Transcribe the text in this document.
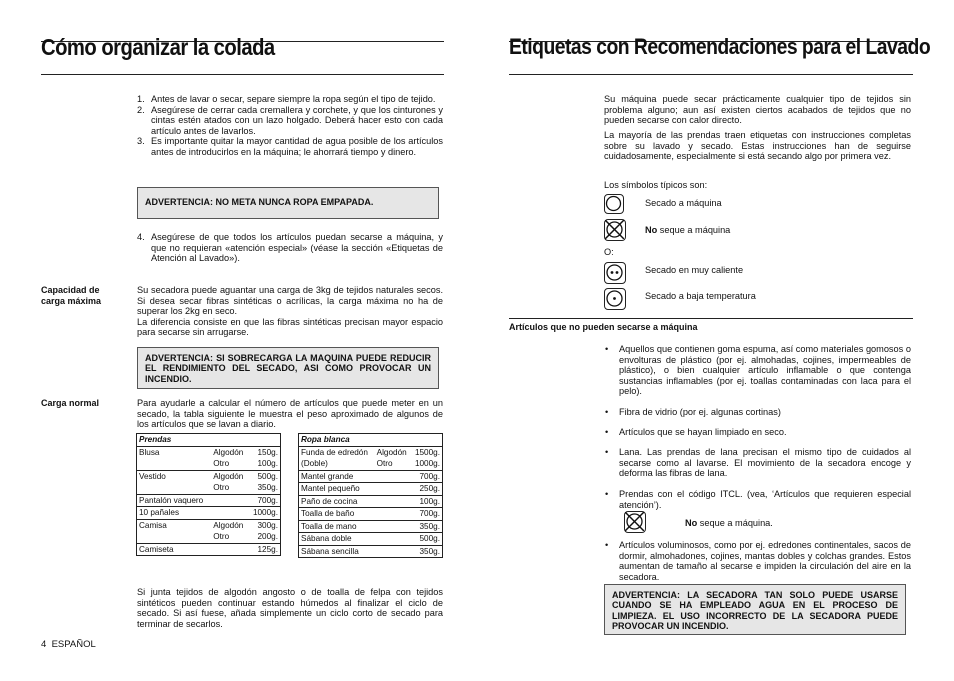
Cómo organizar la colada
1. Antes de lavar o secar, separe siempre la ropa según el tipo de tejido.
2. Asegúrese de cerrar cada cremallera y corchete, y que los cinturones y cintas estén atados con un lazo holgado. Deberá hacer esto con cada artículo antes de lavarlos.
3. Es importante quitar la mayor cantidad de agua posible de los artículos antes de introducirlos en la máquina; le ahorrará tiempo y dinero.
ADVERTENCIA: NO META NUNCA ROPA EMPAPADA.
4. Asegúrese de que todos los artículos puedan secarse a máquina, y que no requieran «atención especial» (véase la sección «Etiquetas de Atención al Lavado»).
Capacidad de carga máxima
Su secadora puede aguantar una carga de 3kg de tejidos naturales secos. Si desea secar fibras sintéticas o acrílicas, la carga máxima no ha de superar los 2kg en seco.
La diferencia consiste en que las fibras sintéticas precisan mayor espacio para secarse sin arrugarse.
ADVERTENCIA: SI SOBRECARGA LA MAQUINA PUEDE REDUCIR EL RENDIMIENTO DEL SECADO, ASI COMO PROVOCAR UN INCENDIO.
Carga normal	Para ayudarle a calcular el número de artículos que puede meter en un secado, la tabla siguiente le muestra el peso aproximado de algunos de los artículos que se lavan a diario.
Prendas		
Blusa	Algodón	150g.
	Otro	100g.
Vestido	Algodón	500g.
	Otro	350g.
Pantalón vaquero		700g.
10 pañales		1000g.
Camisa	Algodón	300g.
	Otro	200g.
Camiseta		125g.
Ropa blanca		
Funda de edredón	Algodón	1500g.
(Doble)	Otro	1000g.
Mantel grande		700g.
Mantel pequeño		250g.
Paño de cocina		100g.
Toalla de baño		700g.
Toalla de mano		350g.
Sábana doble		500g.
Sábana sencilla		350g.
Si junta tejidos de algodón angosto o de toalla de felpa con tejidos sintéticos pueden continuar estando húmedos al finalizar el ciclo de secado. Si así fuese, añada simplemente un ciclo corto de secado para terminar de secarlos.
4 ESPAÑOL
Etiquetas con Recomendaciones para el Lavado
Su máquina puede secar prácticamente cualquier tipo de tejidos sin problema alguno; aun así existen ciertos acabados de tejidos que no pueden secarse con calor directo.
La mayoría de las prendas traen etiquetas con instrucciones completas sobre su lavado y secado. Estas instrucciones han de seguirse cuidadosamente, especialmente si está secando algo por primera vez.
Los símbolos típicos son:
Secado a máquina
No seque a máquina
O:
Secado en muy caliente
Secado a baja temperatura
Artículos que no pueden secarse a máquina
• Aquellos que contienen goma espuma, así como materiales gomosos o envolturas de plástico (por ej. almohadas, cojines, impermeables de plástico), o bien cualquier artículo inflamable o que contenga sustancias inflamables (por ej. toallas contaminadas con laca para el pelo).
• Fibra de vidrio (por ej. algunas cortinas)
• Artículos que se hayan limpiado en seco.
• Lana. Las prendas de lana precisan el mismo tipo de cuidados al secarse como al lavarse. El movimiento de la secadora encoge y deforma las fibras de lana.
• Prendas con el código ITCL. (vea, ‘Artículos que requieren especial atención’).
No seque a máquina.
• Artículos voluminosos, como por ej. edredones continentales, sacos de dormir, almohadones, cojines, mantas dobles y colchas grandes. Estos aumentan de tamaño al secarse e impiden la circulación del aire en la secadora.
ADVERTENCIA: LA SECADORA TAN SOLO PUEDE USARSE CUANDO SE HA EMPLEADO AGUA EN EL PROCESO DE LIMPIEZA. EL USO INCORRECTO DE LA SECADORA PUEDE PROVOCAR UN INCENDIO.
